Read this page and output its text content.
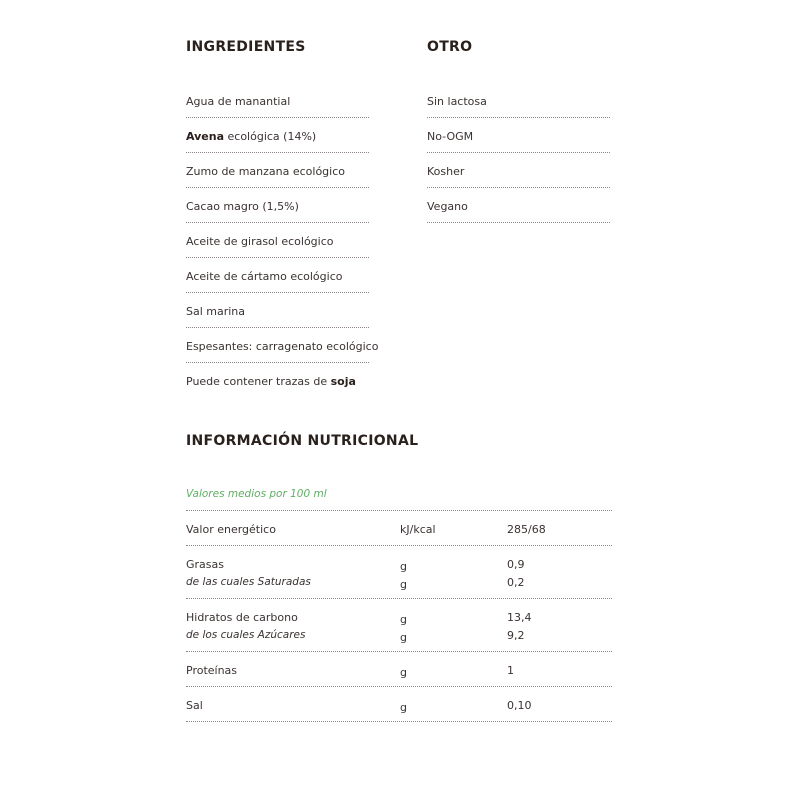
INGREDIENTES	OTRO
Agua de manantial
Avena ecológica (14%)
Zumo de manzana ecológico
Cacao magro (1,5%)
Aceite de girasol ecológico
Aceite de cártamo ecológico
Sal marina
Espesantes: carragenato ecológico
Puede contener trazas de soja
Sin lactosa
No-OGM
Kosher
Vegano
INFORMACIÓN NUTRICIONAL
Valores medios por 100 ml
Valor energético	kJ/kcal	285/68
Grasas	g	0,9
de las cuales Saturadas	g	0,2
Hidratos de carbono	g	13,4
de los cuales Azúcares	g	9,2
Proteínas	g	1
Sal	g	0,10
